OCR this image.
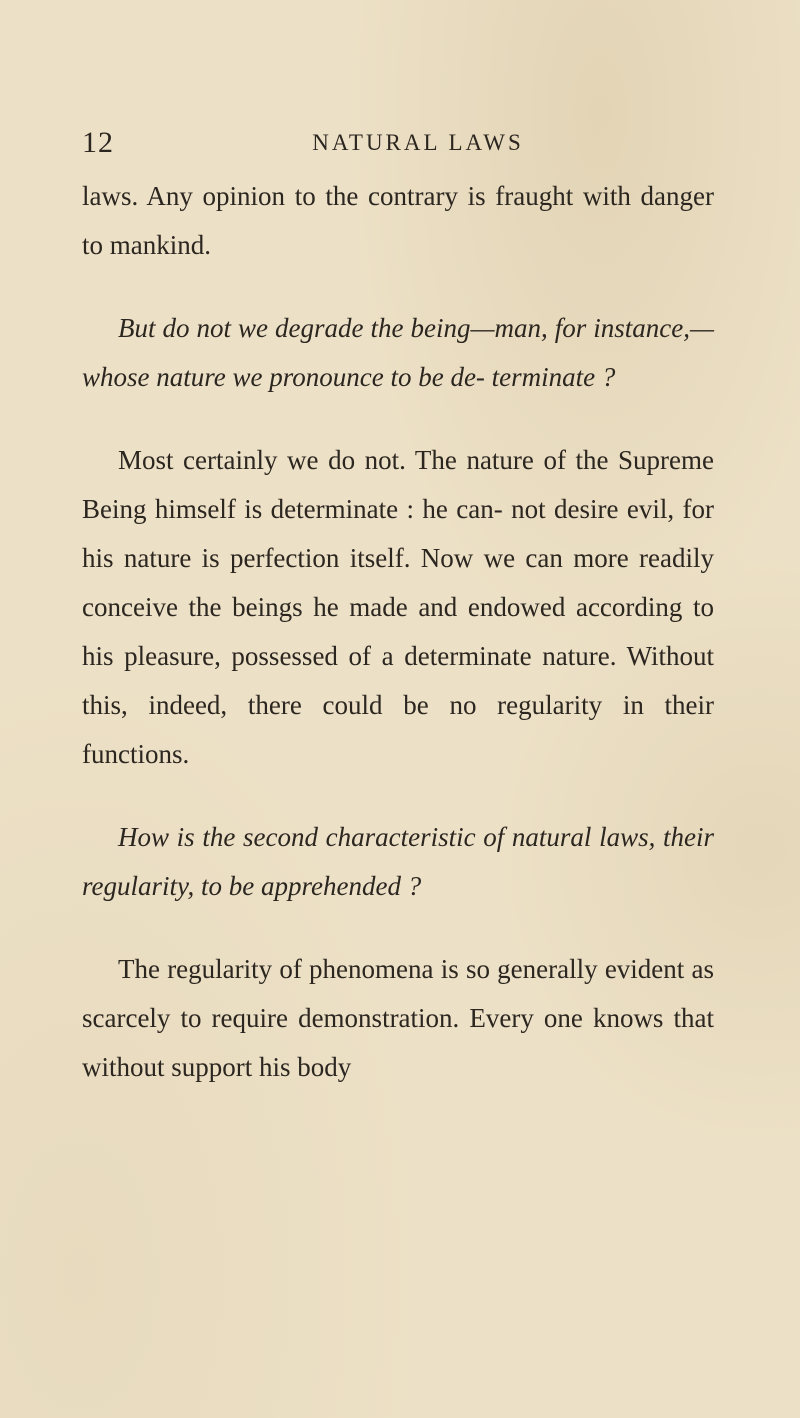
12	NATURAL LAWS

laws. Any opinion to the contrary is fraught with danger to mankind.

But do not we degrade the being—man, for instance,—whose nature we pronounce to be de- terminate ?

Most certainly we do not. The nature of the Supreme Being himself is determinate : he can- not desire evil, for his nature is perfection itself. Now we can more readily conceive the beings he made and endowed according to his pleasure, possessed of a determinate nature. Without this, indeed, there could be no regularity in their functions.

How is the second characteristic of natural laws, their regularity, to be apprehended ?

The regularity of phenomena is so generally evident as scarcely to require demonstration. Every one knows that without support his body
